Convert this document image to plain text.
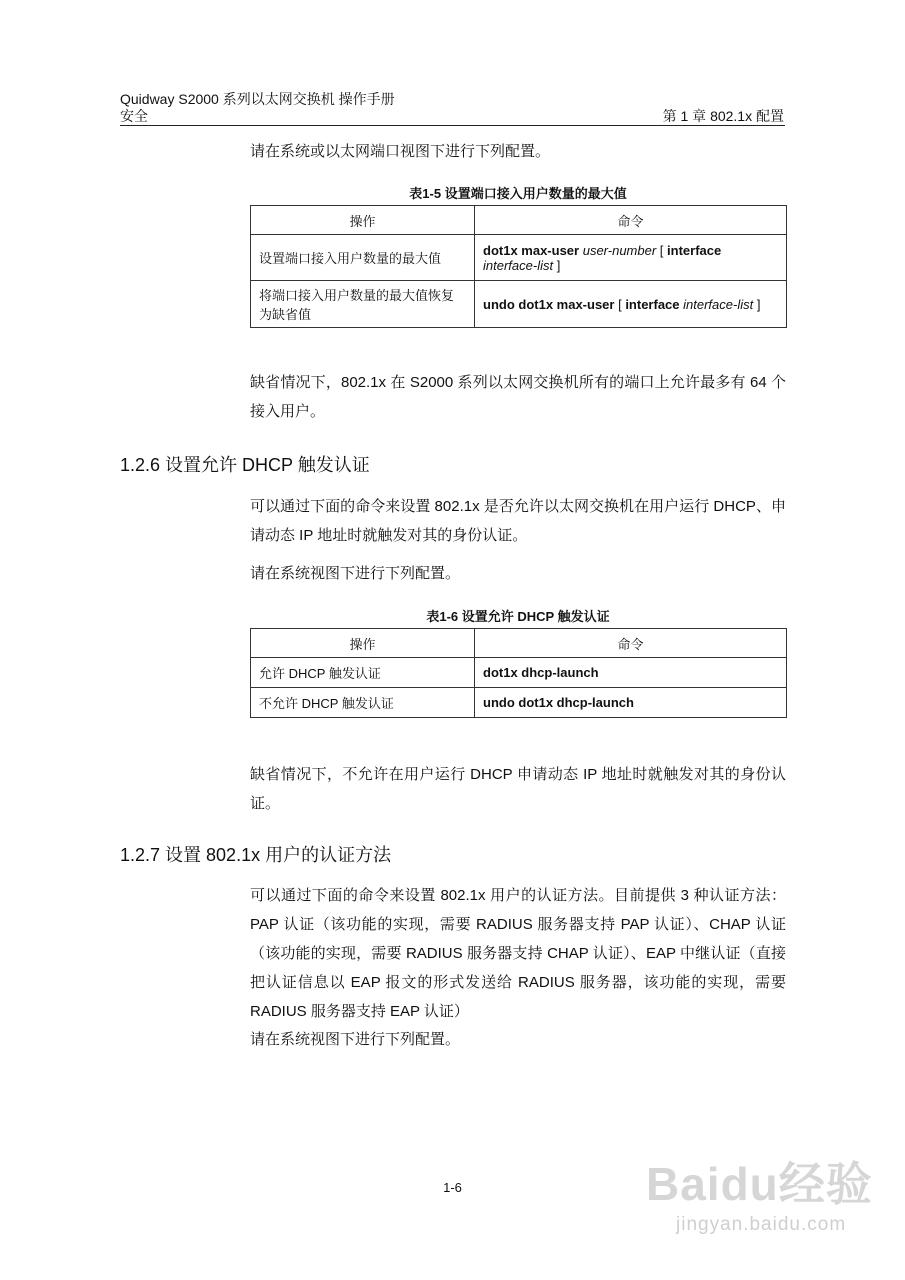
Quidway S2000 系列以太网交换机 操作手册
安全	第 1 章 802.1x 配置
请在系统或以太网端口视图下进行下列配置。
表1-5 设置端口接入用户数量的最大值
操作	命令
设置端口接入用户数量的最大值	dot1x max-user user-number [ interface interface-list ]
将端口接入用户数量的最大值恢复为缺省值	undo dot1x max-user [ interface interface-list ]
缺省情况下，802.1x 在 S2000 系列以太网交换机所有的端口上允许最多有 64 个接入用户。
1.2.6 设置允许 DHCP 触发认证
可以通过下面的命令来设置 802.1x 是否允许以太网交换机在用户运行 DHCP、申请动态 IP 地址时就触发对其的身份认证。
请在系统视图下进行下列配置。
表1-6 设置允许 DHCP 触发认证
操作	命令
允许 DHCP 触发认证	dot1x dhcp-launch
不允许 DHCP 触发认证	undo dot1x dhcp-launch
缺省情况下，不允许在用户运行 DHCP 申请动态 IP 地址时就触发对其的身份认证。
1.2.7 设置 802.1x 用户的认证方法
可以通过下面的命令来设置 802.1x 用户的认证方法。目前提供 3 种认证方法：PAP 认证（该功能的实现，需要 RADIUS 服务器支持 PAP 认证）、CHAP 认证（该功能的实现，需要 RADIUS 服务器支持 CHAP 认证）、EAP 中继认证（直接把认证信息以 EAP 报文的形式发送给 RADIUS 服务器，该功能的实现，需要 RADIUS 服务器支持 EAP 认证）
请在系统视图下进行下列配置。
1-6	Baidu经验
jingyan.baidu.com
